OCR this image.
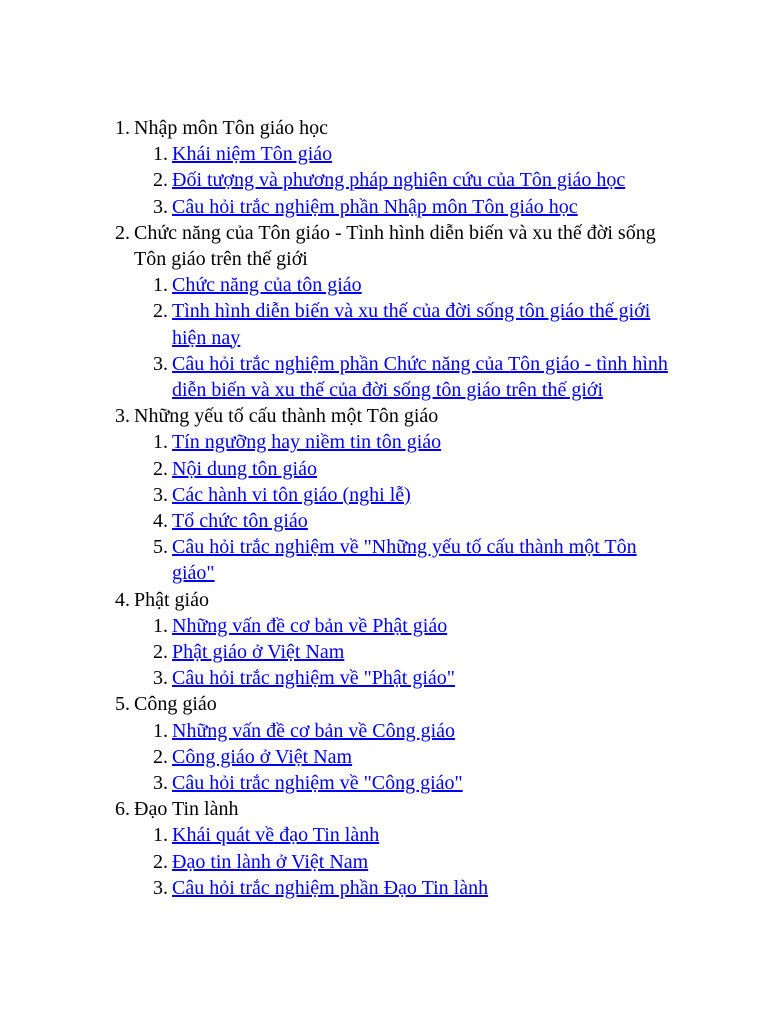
1. Nhập môn Tôn giáo học
1. Khái niệm Tôn giáo
2. Đối tượng và phương pháp nghiên cứu của Tôn giáo học
3. Câu hỏi trắc nghiệm phần Nhập môn Tôn giáo học
2. Chức năng của Tôn giáo - Tình hình diễn biến và xu thế đời sống Tôn giáo trên thế giới
1. Chức năng của tôn giáo
2. Tình hình diễn biến và xu thế của đời sống tôn giáo thế giới hiện nay
3. Câu hỏi trắc nghiệm phần Chức năng của Tôn giáo - tình hình diễn biến và xu thế của đời sống tôn giáo trên thế giới
3. Những yếu tố cấu thành một Tôn giáo
1. Tín ngưỡng hay niềm tin tôn giáo
2. Nội dung tôn giáo
3. Các hành vi tôn giáo (nghi lễ)
4. Tổ chức tôn giáo
5. Câu hỏi trắc nghiệm về "Những yếu tố cấu thành một Tôn giáo"
4. Phật giáo
1. Những vấn đề cơ bản về Phật giáo
2. Phật giáo ở Việt Nam
3. Câu hỏi trắc nghiệm về "Phật giáo"
5. Công giáo
1. Những vấn đề cơ bản về Công giáo
2. Công giáo ở Việt Nam
3. Câu hỏi trắc nghiệm về "Công giáo"
6. Đạo Tin lành
1. Khái quát về đạo Tin lành
2. Đạo tin lành ở Việt Nam
3. Câu hỏi trắc nghiệm phần Đạo Tin lành
